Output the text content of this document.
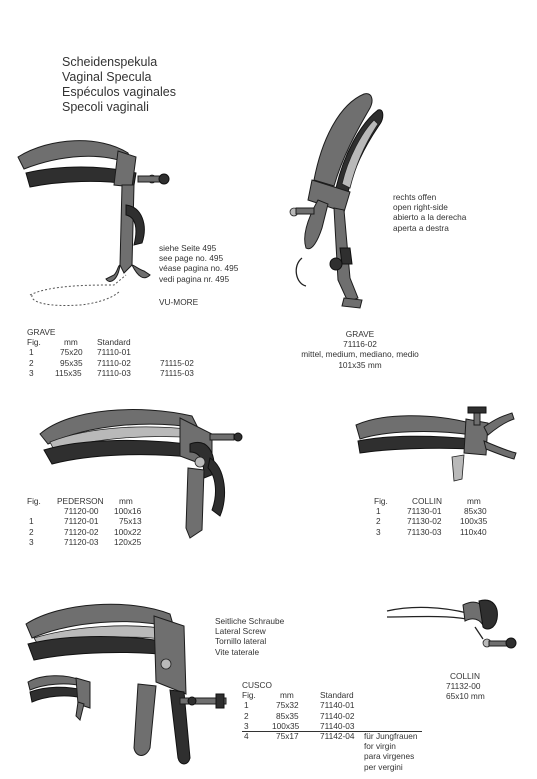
Scheidenspekula
Vaginal Specula
Espéculos vaginales
Specoli vaginali
siehe Seite 495
see page no. 495
véase pagina no. 495
vedi pagina nr. 495
VU-MORE
GRAVE
Fig.	mm Standard
1	75x20 71110-01
2	95x35 71110-02	71115-02
3	115x35 71110-03	71115-03
rechts offen
open right-side
abierto a la derecha
aperta a destra
GRAVE
71116-02
mittel, medium, mediano, medio
101x35 mm
Fig. PEDERSON mm
71120-00 100x16
1	71120-01 75x13
2	71120-02 100x22
3	71120-03 120x25
Fig.	COLLIN	mm
1	71130-01	85x30
2	71130-02 100x35
3	71130-03 110x40
Seitliche Schraube
Lateral Screw
Tornillo lateral
Vite taterale
CUSCO
Fig.	mm	Standard
1	75x32	71140-01
2	85x35	71140-02
3	100x35	71140-03
4	75x17	71142-04 für Jungfrauen
for virgin
para virgenes
per vergini
COLLIN
71132-00
65x10 mm
